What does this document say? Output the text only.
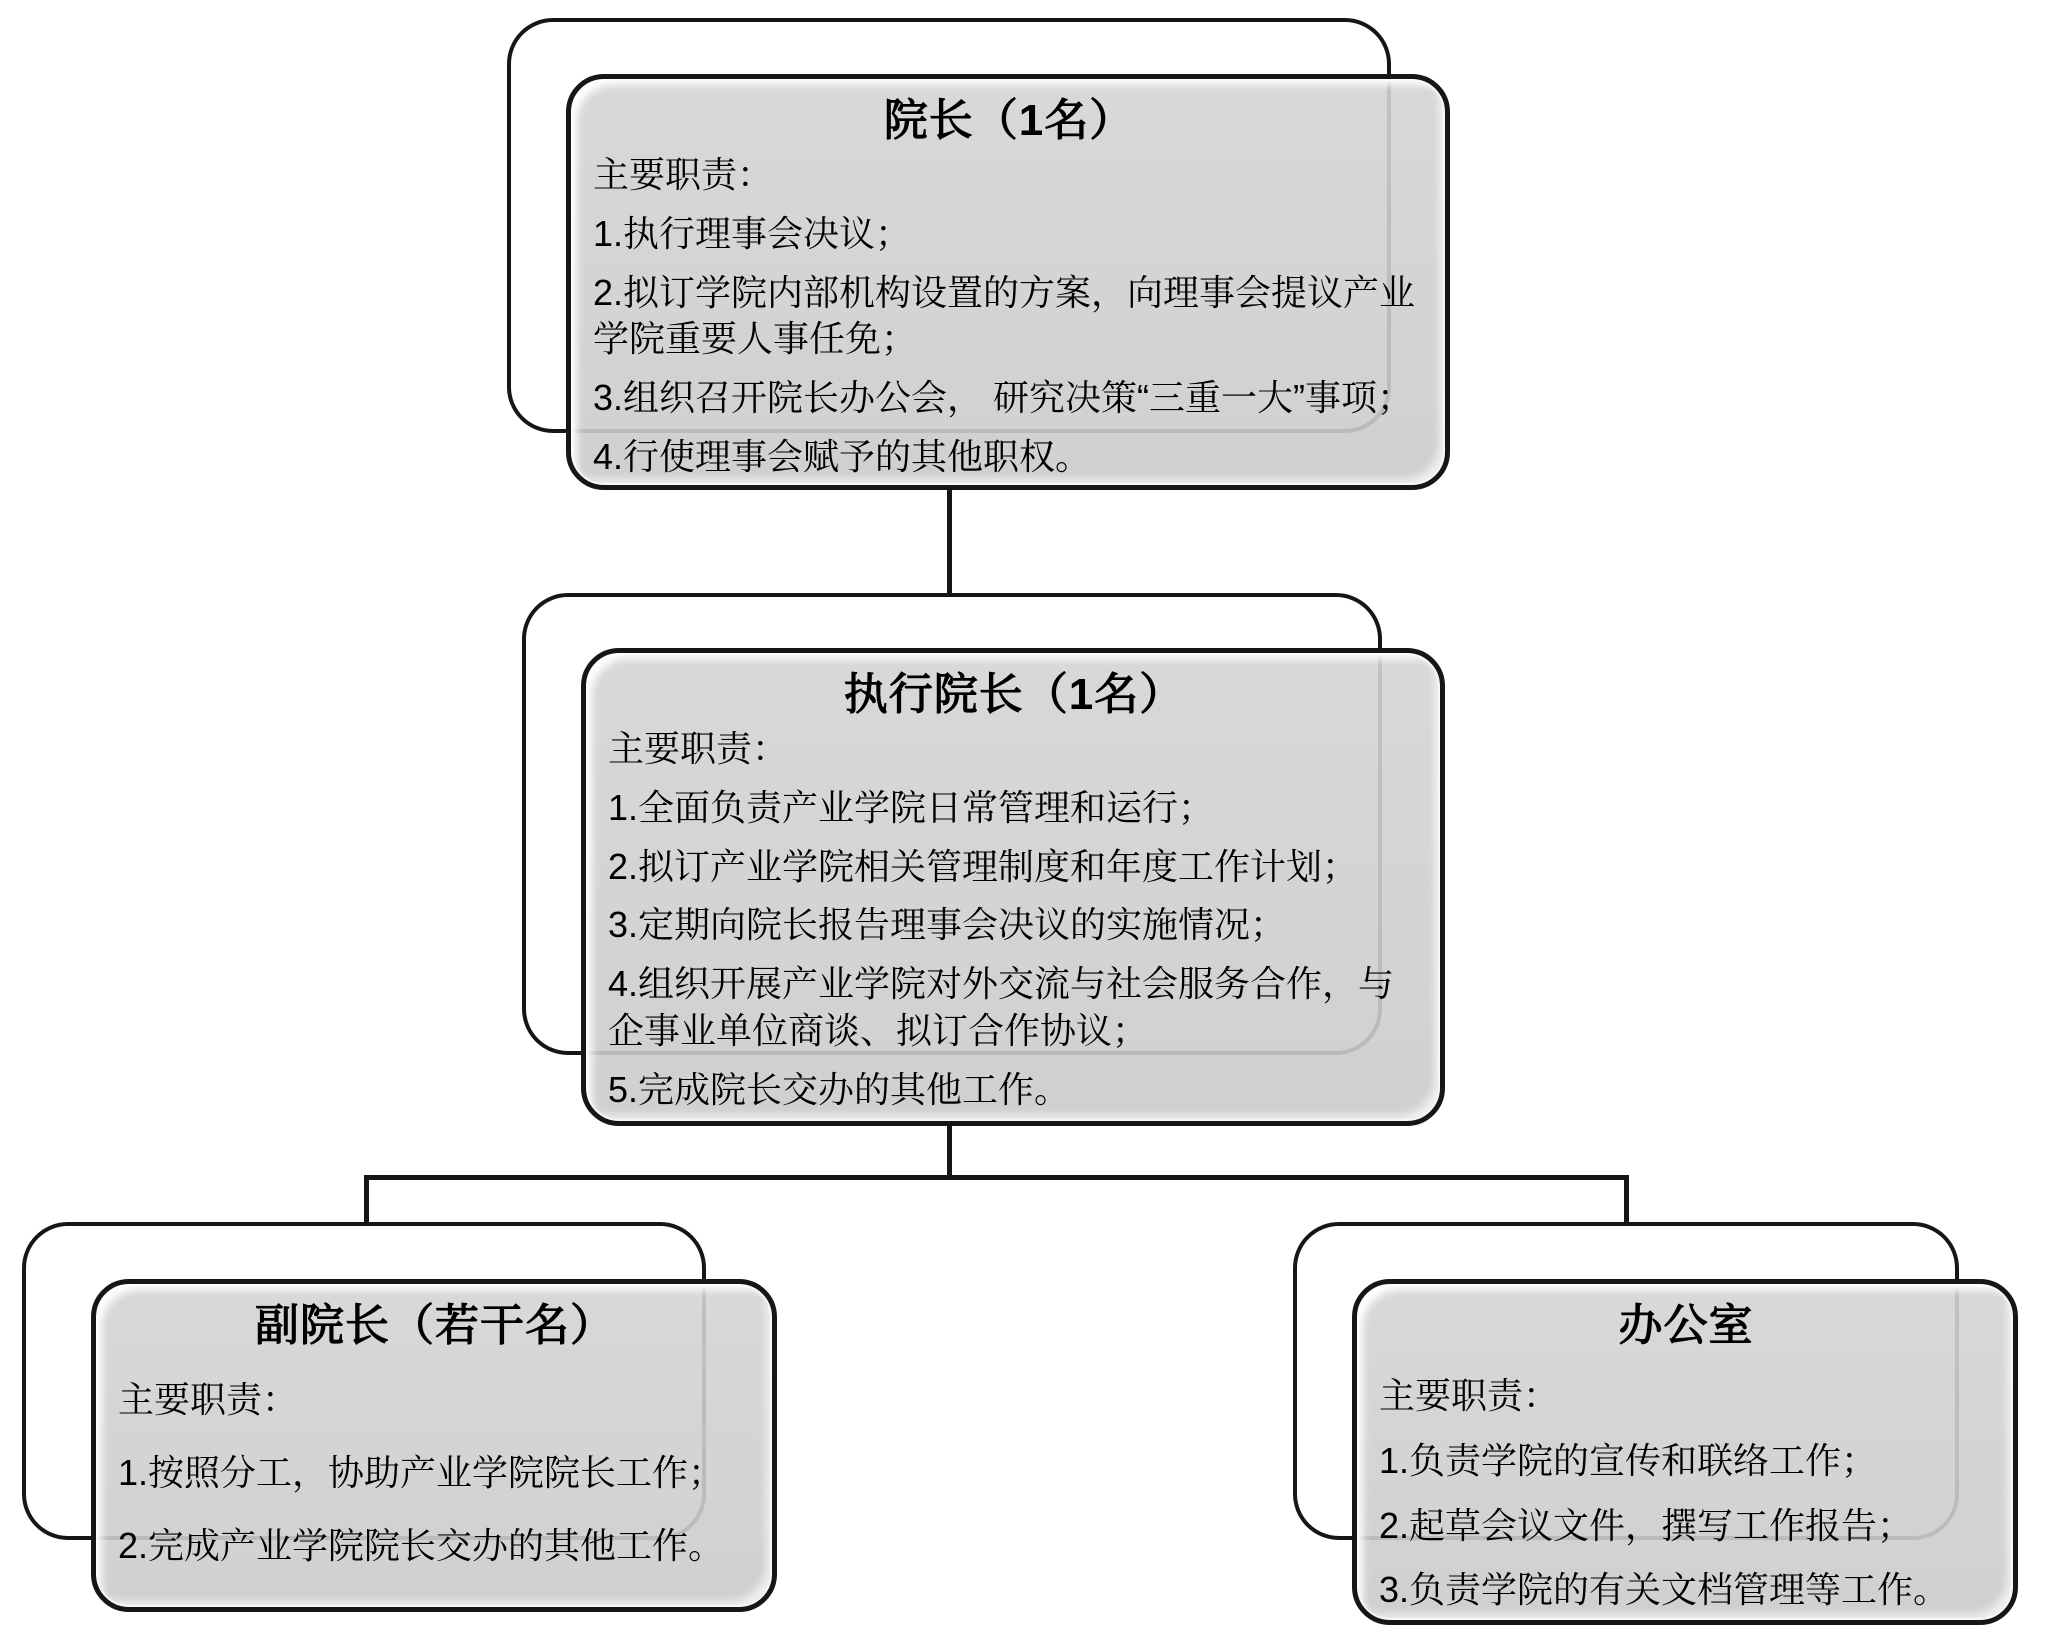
院长（1名）

主要职责：

1.执行理事会决议；

2.拟订学院内部机构设置的方案，向理事会提议产业学院重要人事任免；

3.组织召开院长办公会， 研究决策“三重一大”事项；

4.行使理事会赋予的其他职权。

执行院长（1名）

主要职责：

1.全面负责产业学院日常管理和运行；

2.拟订产业学院相关管理制度和年度工作计划；

3.定期向院长报告理事会决议的实施情况；

4.组织开展产业学院对外交流与社会服务合作，与企事业单位商谈、拟订合作协议；

5.完成院长交办的其他工作。

副院长（若干名）

主要职责：

1.按照分工，协助产业学院院长工作；

2.完成产业学院院长交办的其他工作。

办公室

主要职责：

1.负责学院的宣传和联络工作；

2.起草会议文件，撰写工作报告；

3.负责学院的有关文档管理等工作。
